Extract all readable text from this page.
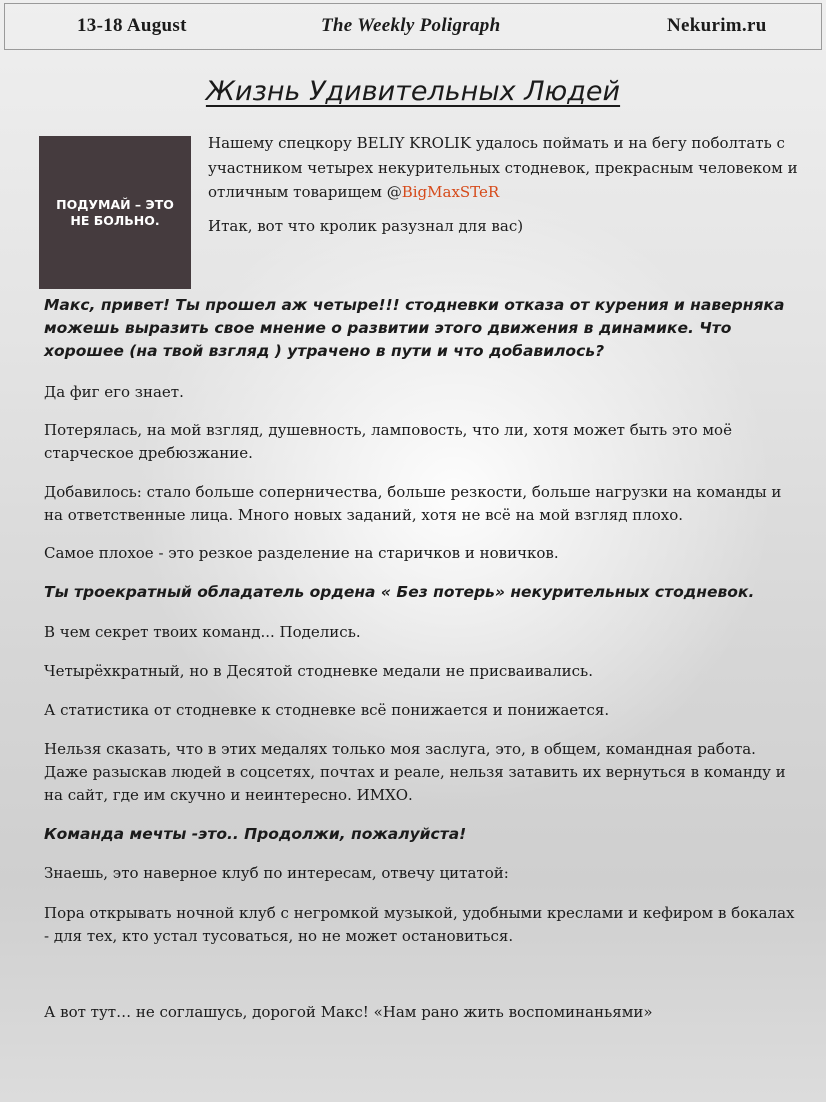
13-18 August	The Weekly Poligraph	Nekurim.ru
Жизнь Удивительных Людей
ПОДУМАЙ – ЭТО
НЕ БОЛЬНО.

Нашему спецкору BELIY KROLIK удалось поймать и на бегу поболтать с участником четырех некурительных стодневок, прекрасным человеком и отличным товарищем @BigMaxSTeR

Итак, вот что кролик разузнал для вас)

Макс, привет! Ты прошел аж четыре!!! стодневки отказа от курения и наверняка можешь выразить свое мнение о развитии этого движения в динамике. Что хорошее (на твой взгляд ) утрачено в пути и что добавилось?

Да фиг его знает.

Потерялась, на мой взгляд, душевность, ламповость, что ли, хотя может быть это моё старческое дребюзжание.

Добавилось: стало больше соперничества, больше резкости, больше нагрузки на команды и на ответственные лица. Много новых заданий, хотя не всё на мой взгляд плохо.

Самое плохое - это резкое разделение на старичков и новичков.

Ты троекратный обладатель ордена « Без потерь» некурительных стодневок.

В чем секрет твоих команд... Поделись.

Четырёхкратный, но в Десятой стодневке медали не присваивались.

А статистика от стодневке к стодневке всё понижается и понижается.

Нельзя сказать, что в этих медалях только моя заслуга, это, в общем, командная работа. Даже разыскав людей в соцсетях, почтах и реале, нельзя затавить их вернуться в команду и на сайт, где им скучно и неинтересно. ИМХО.

Команда мечты -это.. Продолжи, пожалуйста!

Знаешь, это наверное клуб по интересам, отвечу цитатой:

Пора открывать ночной клуб с негромкой музыкой, удобными креслами и кефиром в бокалах - для тех, кто устал тусоваться, но не может остановиться.

А вот тут… не соглашусь, дорогой Макс! «Нам рано жить воспоминаньями»
